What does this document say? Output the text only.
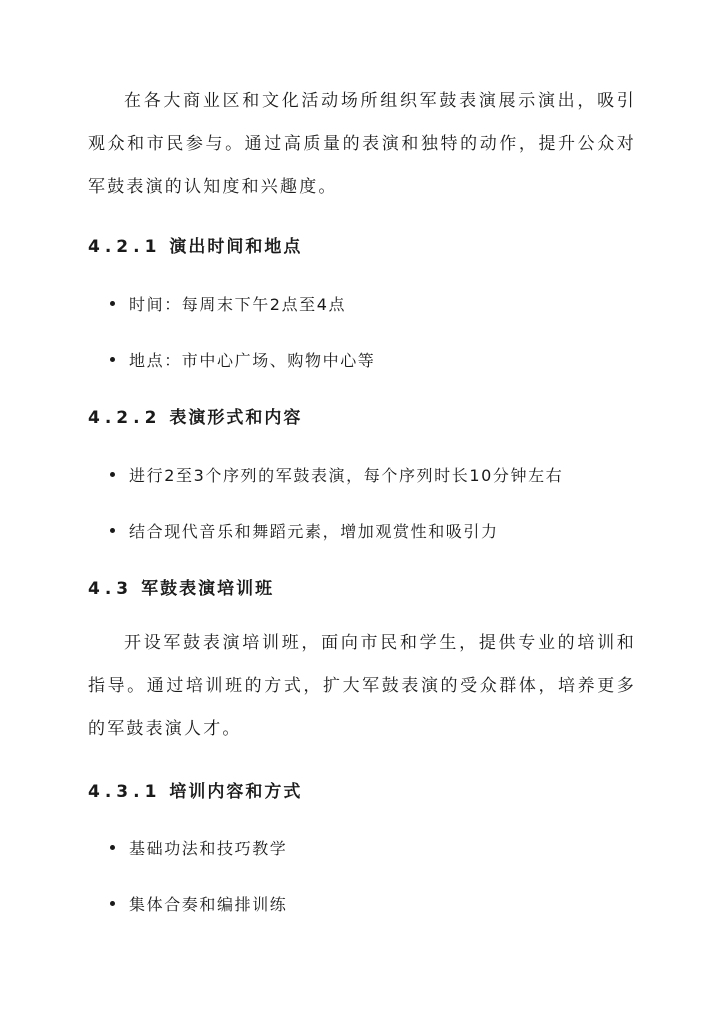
在各大商业区和文化活动场所组织军鼓表演展示演出，吸引观众和市民参与。通过高质量的表演和独特的动作，提升公众对军鼓表演的认知度和兴趣度。

4.2.1 演出时间和地点

时间：每周末下午2点至4点

地点：市中心广场、购物中心等

4.2.2 表演形式和内容

进行2至3个序列的军鼓表演，每个序列时长10分钟左右

结合现代音乐和舞蹈元素，增加观赏性和吸引力

4.3 军鼓表演培训班

开设军鼓表演培训班，面向市民和学生，提供专业的培训和指导。通过培训班的方式，扩大军鼓表演的受众群体，培养更多的军鼓表演人才。

4.3.1 培训内容和方式

基础功法和技巧教学

集体合奏和编排训练
